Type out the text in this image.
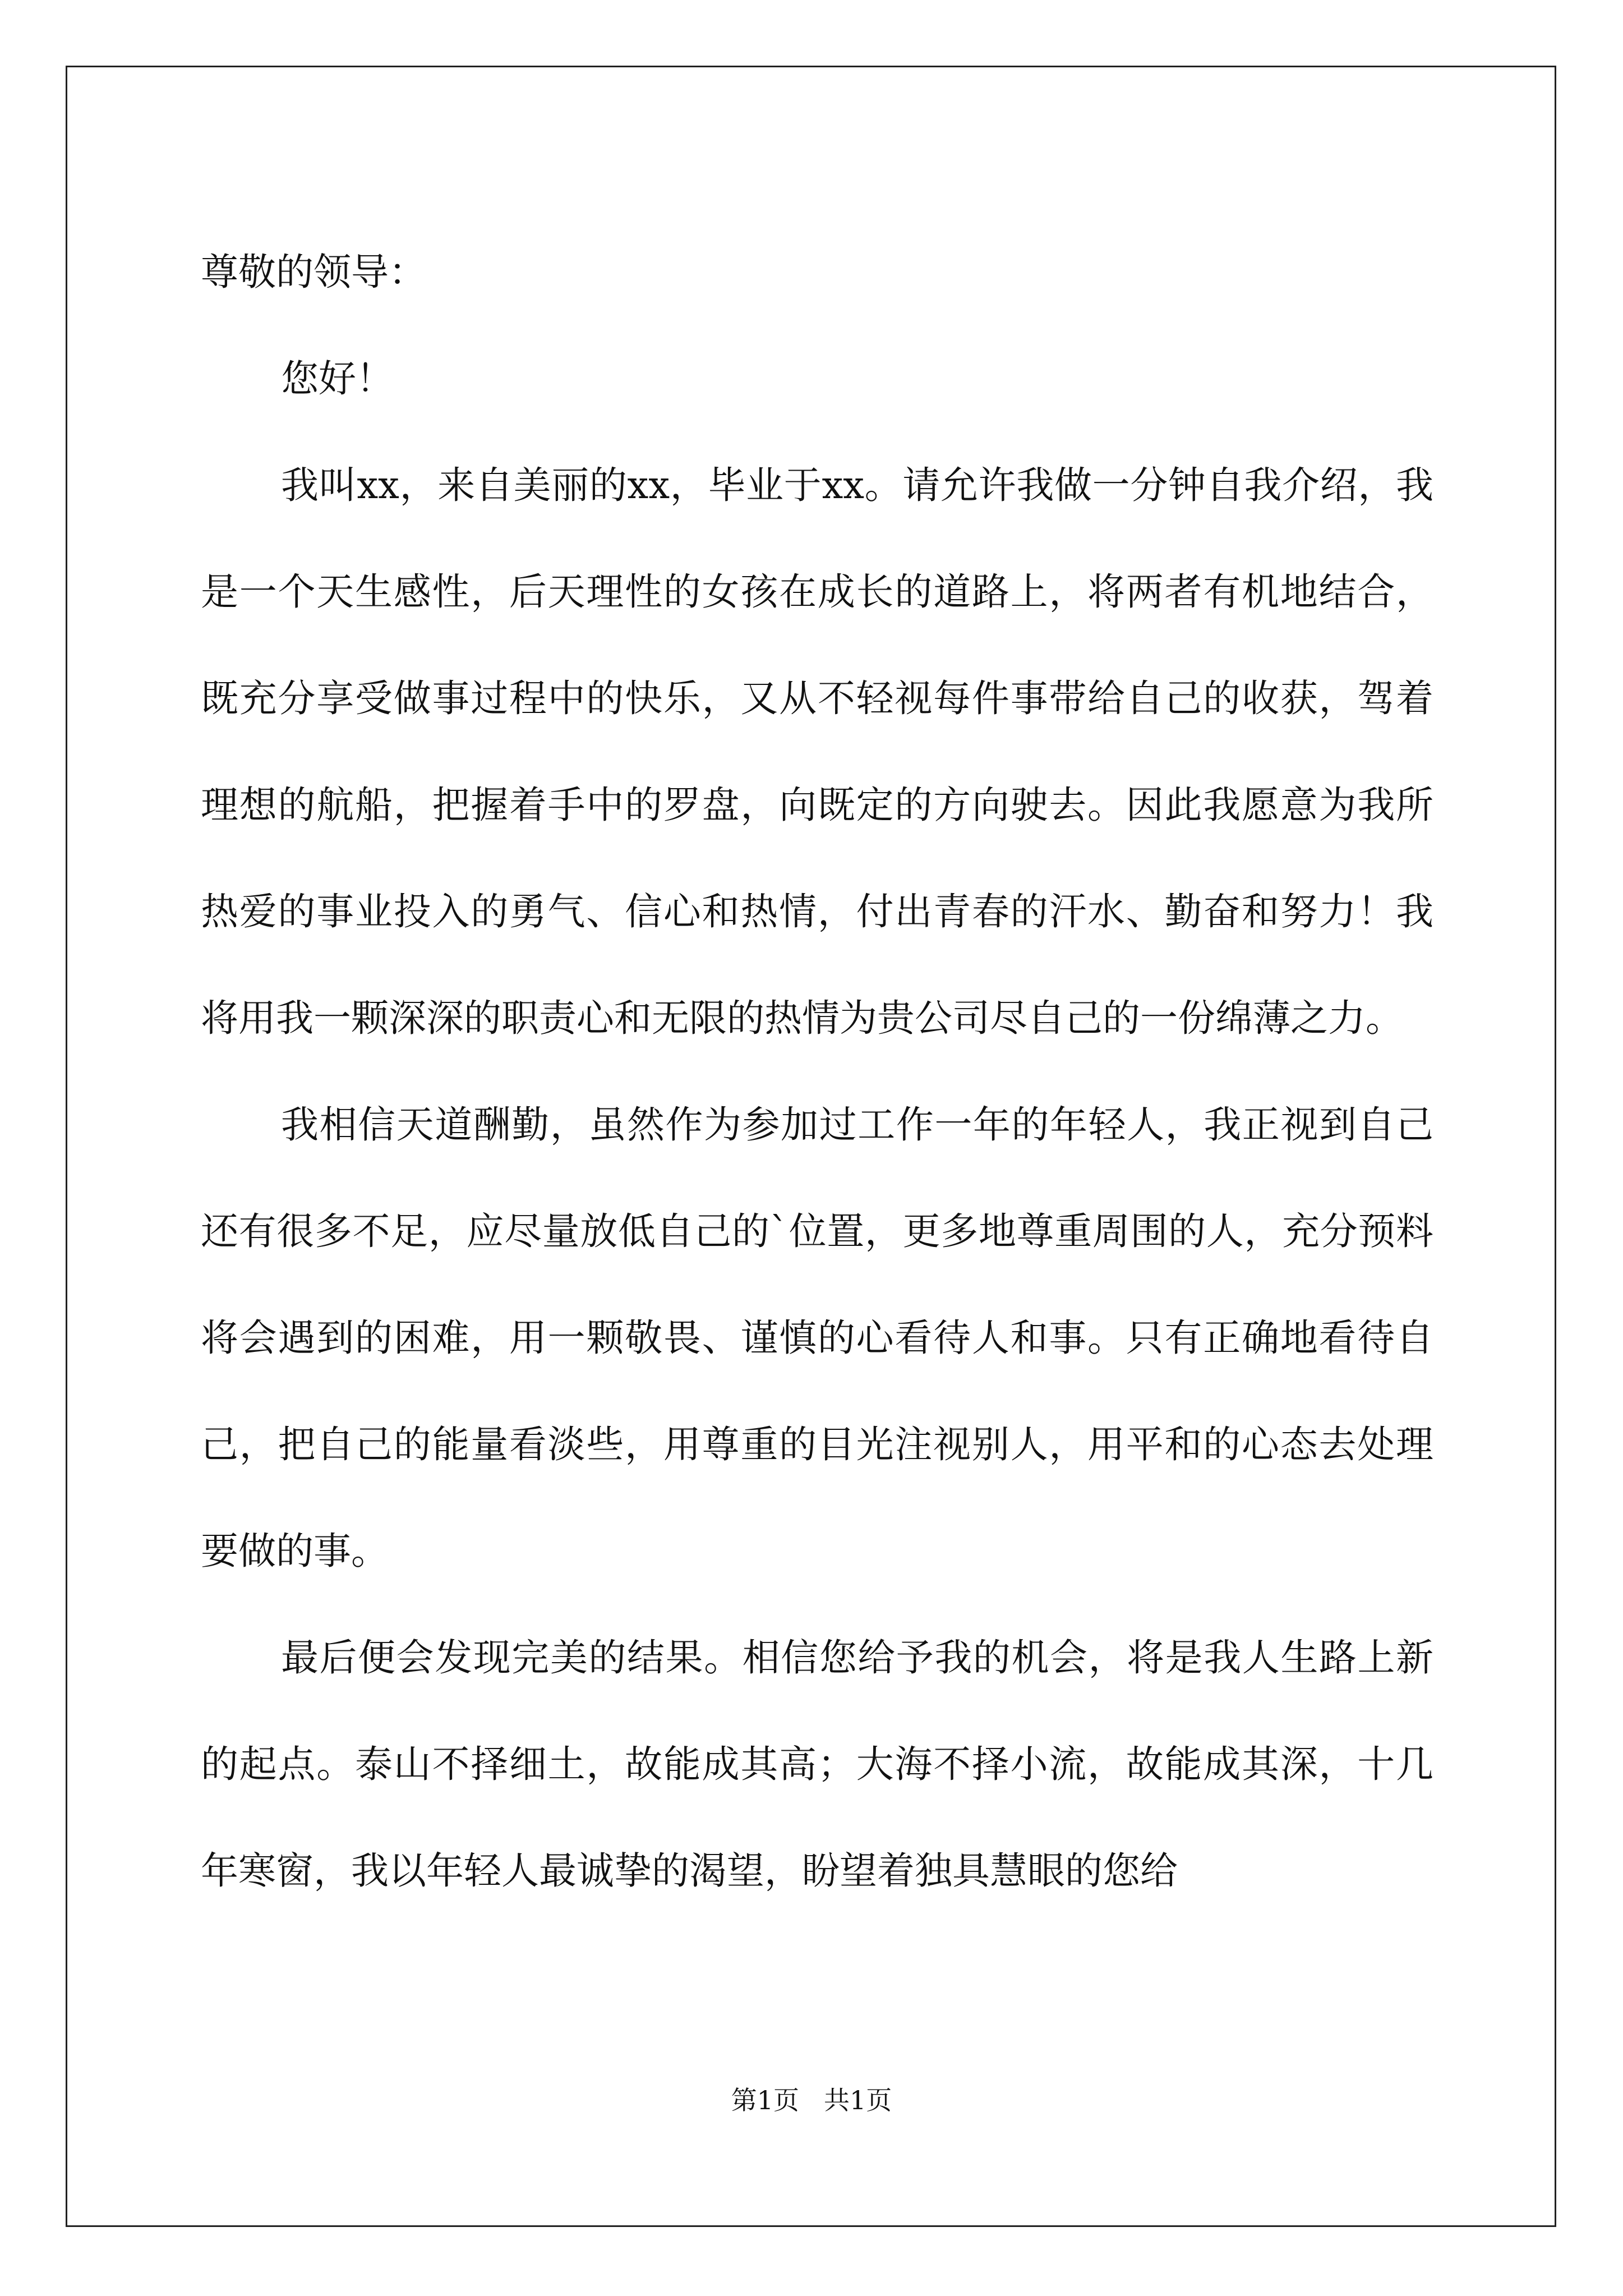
尊敬的领导：

您好！

我叫xx，来自美丽的xx，毕业于xx。请允许我做一分钟自我介绍，我是一个天生感性，后天理性的女孩在成长的道路上，将两者有机地结合，既充分享受做事过程中的快乐，又从不轻视每件事带给自己的收获，驾着理想的航船，把握着手中的罗盘，向既定的方向驶去。因此我愿意为我所热爱的事业投入的勇气、信心和热情，付出青春的汗水、勤奋和努力！我将用我一颗深深的职责心和无限的热情为贵公司尽自己的一份绵薄之力。

我相信天道酬勤，虽然作为参加过工作一年的年轻人，我正视到自己还有很多不足，应尽量放低自己的`位置，更多地尊重周围的人，充分预料将会遇到的困难，用一颗敬畏、谨慎的心看待人和事。只有正确地看待自己，把自己的能量看淡些，用尊重的目光注视别人，用平和的心态去处理要做的事。

最后便会发现完美的结果。相信您给予我的机会，将是我人生路上新的起点。泰山不择细土，故能成其高；大海不择小流，故能成其深，十几年寒窗，我以年轻人最诚挚的渴望，盼望着独具慧眼的您给

第1页 共1页
